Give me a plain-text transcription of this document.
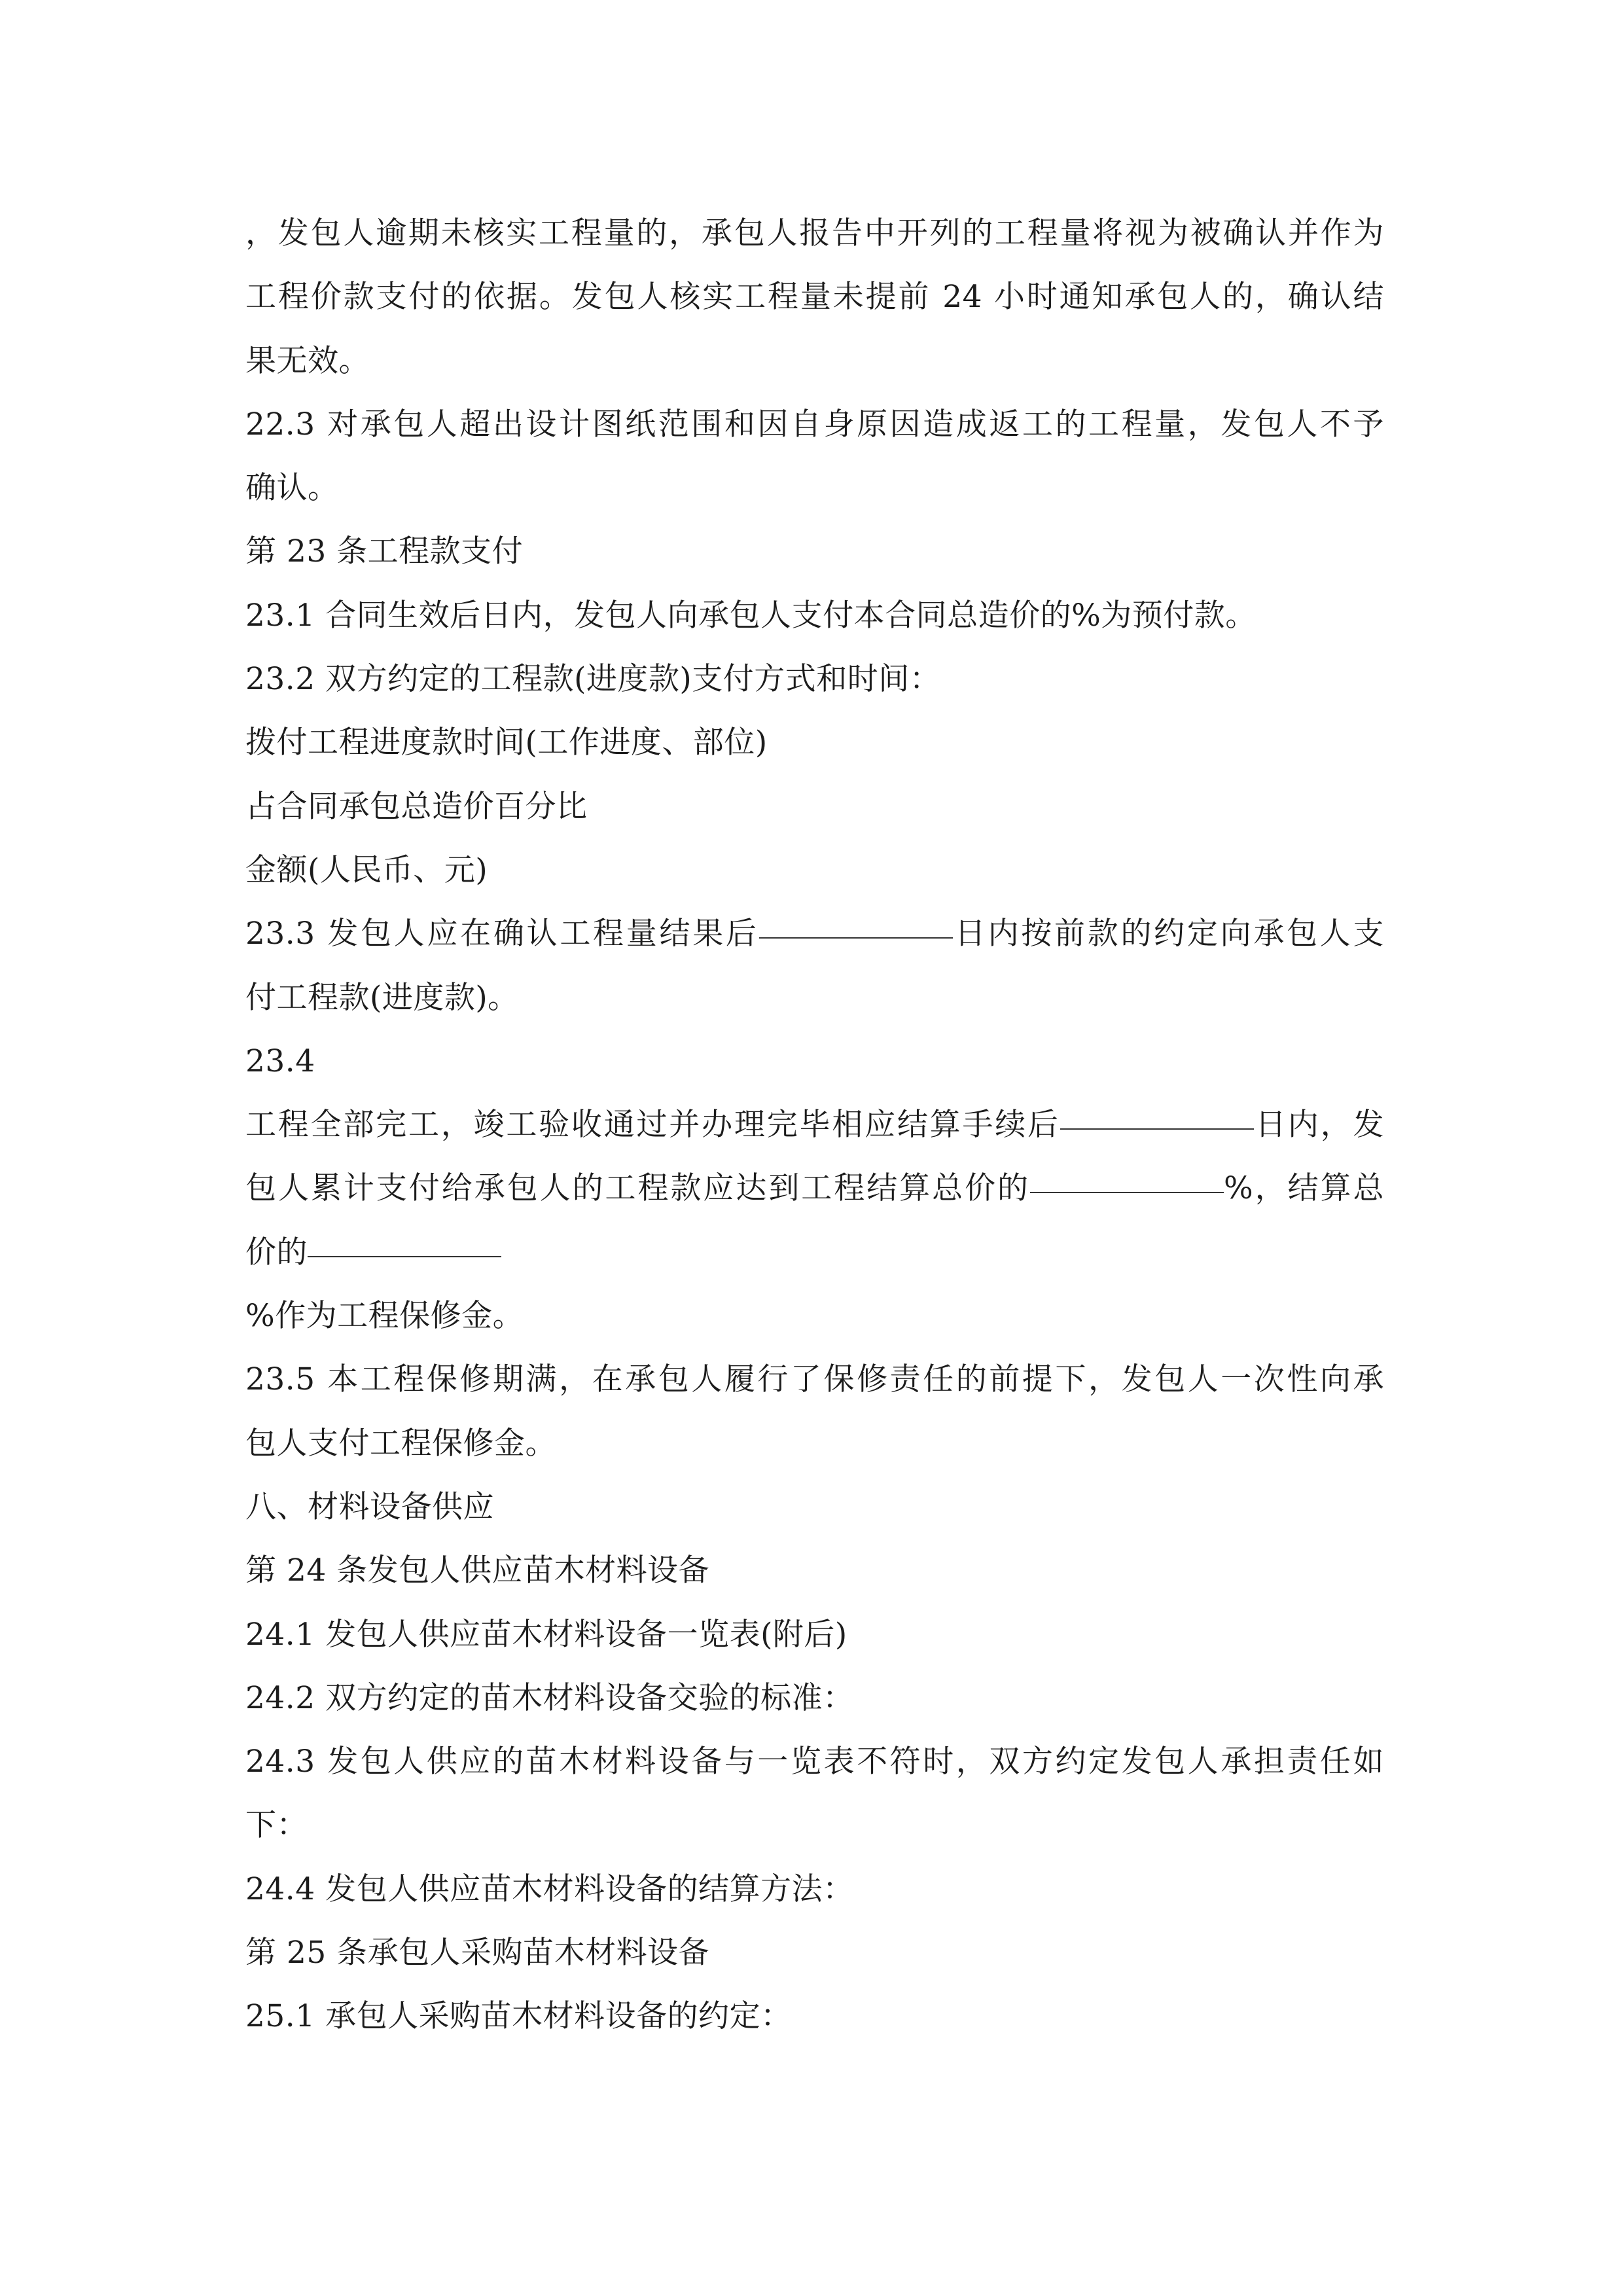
，发包人逾期未核实工程量的，承包人报告中开列的工程量将视为被确认并作为
工程价款支付的依据。发包人核实工程量未提前 24 小时通知承包人的，确认结
果无效。
22.3 对承包人超出设计图纸范围和因自身原因造成返工的工程量，发包人不予
确认。
第 23 条工程款支付
23.1 合同生效后日内，发包人向承包人支付本合同总造价的%为预付款。
23.2 双方约定的工程款(进度款)支付方式和时间：
拨付工程进度款时间(工作进度、部位)
占合同承包总造价百分比
金额(人民币、元)
23.3 发包人应在确认工程量结果后	日内按前款的约定向承包人支
付工程款(进度款)。
23.4
工程全部完工，竣工验收通过并办理完毕相应结算手续后	日内，发
包人累计支付给承包人的工程款应达到工程结算总价的	%，结算总
价的
%作为工程保修金。
23.5 本工程保修期满，在承包人履行了保修责任的前提下，发包人一次性向承
包人支付工程保修金。
八、材料设备供应
第 24 条发包人供应苗木材料设备
24.1 发包人供应苗木材料设备一览表(附后)
24.2 双方约定的苗木材料设备交验的标准：
24.3 发包人供应的苗木材料设备与一览表不符时，双方约定发包人承担责任如
下：
24.4 发包人供应苗木材料设备的结算方法：
第 25 条承包人采购苗木材料设备
25.1 承包人采购苗木材料设备的约定：
